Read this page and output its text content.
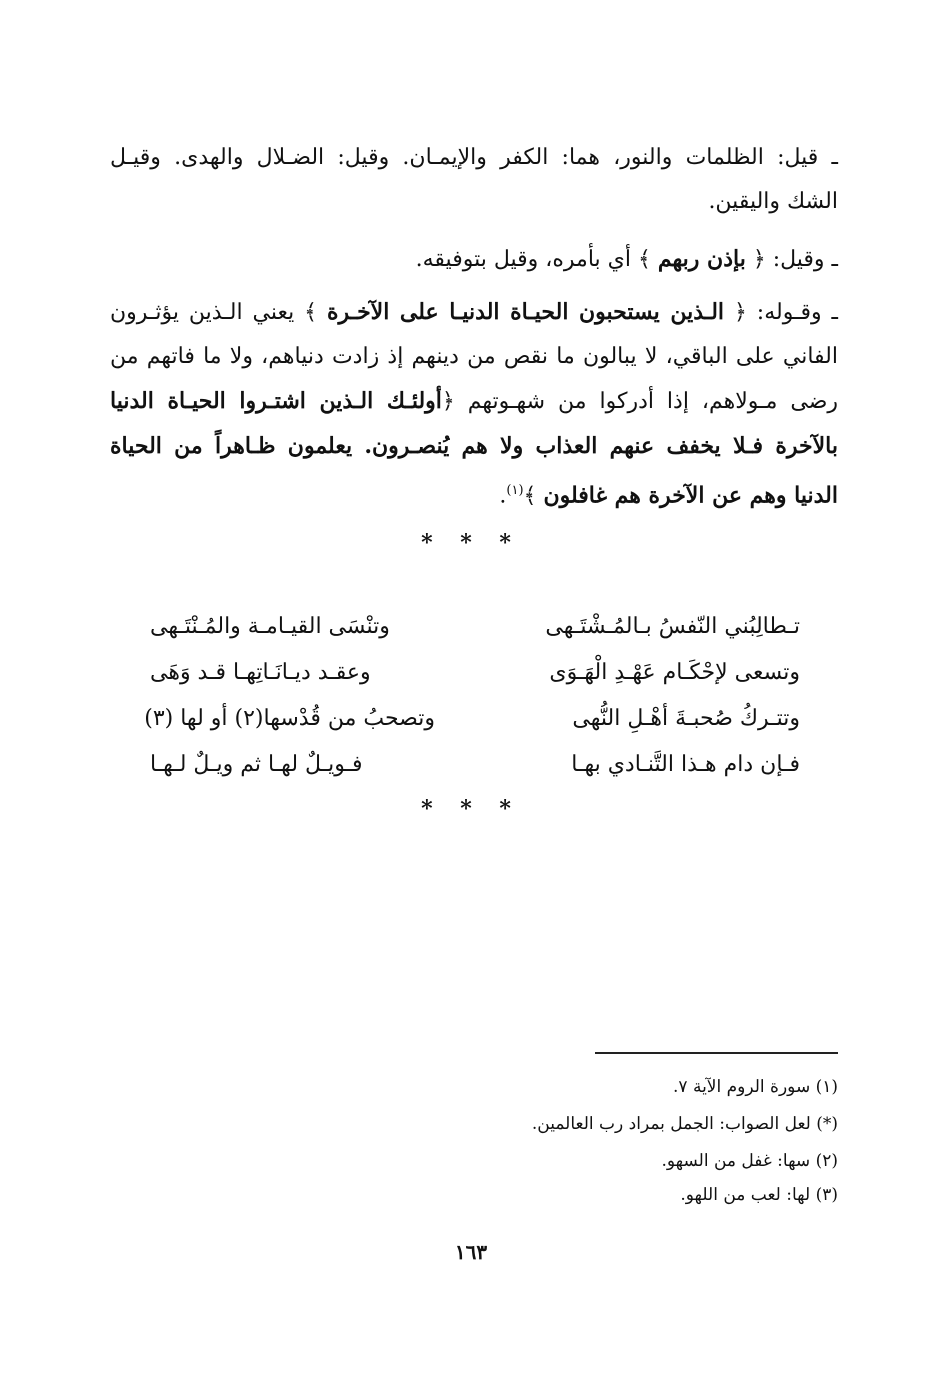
ـ قيل: الظلمات والنور، هما: الكفر والإيمـان. وقيل: الضـلال والهدى. وقيـل
الشك واليقين.
ـ وقيل: ﴿ بإذن ربهم ﴾ أي بأمره، وقيل بتوفيقه.
ـ وقـوله: ﴿ الـذين يستحبون الحيـاة الدنيـا على الآخـرة ﴾ يعني الـذين يؤثـرون الفاني على الباقي، لا يبالون ما نقص من دينهم إذ زادت دنياهم، ولا ما فاتهم من رضى مـولاهم، إذا أدركوا من شهـوتهم ﴿أولئـك الـذين اشتـروا الحيـاة الدنيا بالآخرة فـلا يخفف عنهم العذاب ولا هم يُنصـرون. يعلمون ظـاهراً من الحياة الدنيا وهم عن الآخرة هم غافلون ﴾$^{(١)}$.
* * *
تـطالِبُني النّفسُ بـالمُـشْتَـهى
وتنْسَى القيـامـة والمُـنْتَـهى
وتسعى لإحْكَـام عَهْـدِ الْهَـوَى
وعقـد ديـانَـاتِهـا قـد وَهَى
وتتـركُ صُحبـةَ أهْـلِ النُّهى
وتصحبُ من قُدْسها(٢) أو لها (٣)
فـإن دام هـذا التَّنـادي بهـا
فـويـلٌ لهـا ثم ويـلٌ لـهـا
* * *
(١) سورة الروم الآية ٧.
(*) لعل الصواب: الجمل بمراد رب العالمين.
(٢) سها: غفل من السهو.
(٣) لها: لعب من اللهو.
١٦٣
